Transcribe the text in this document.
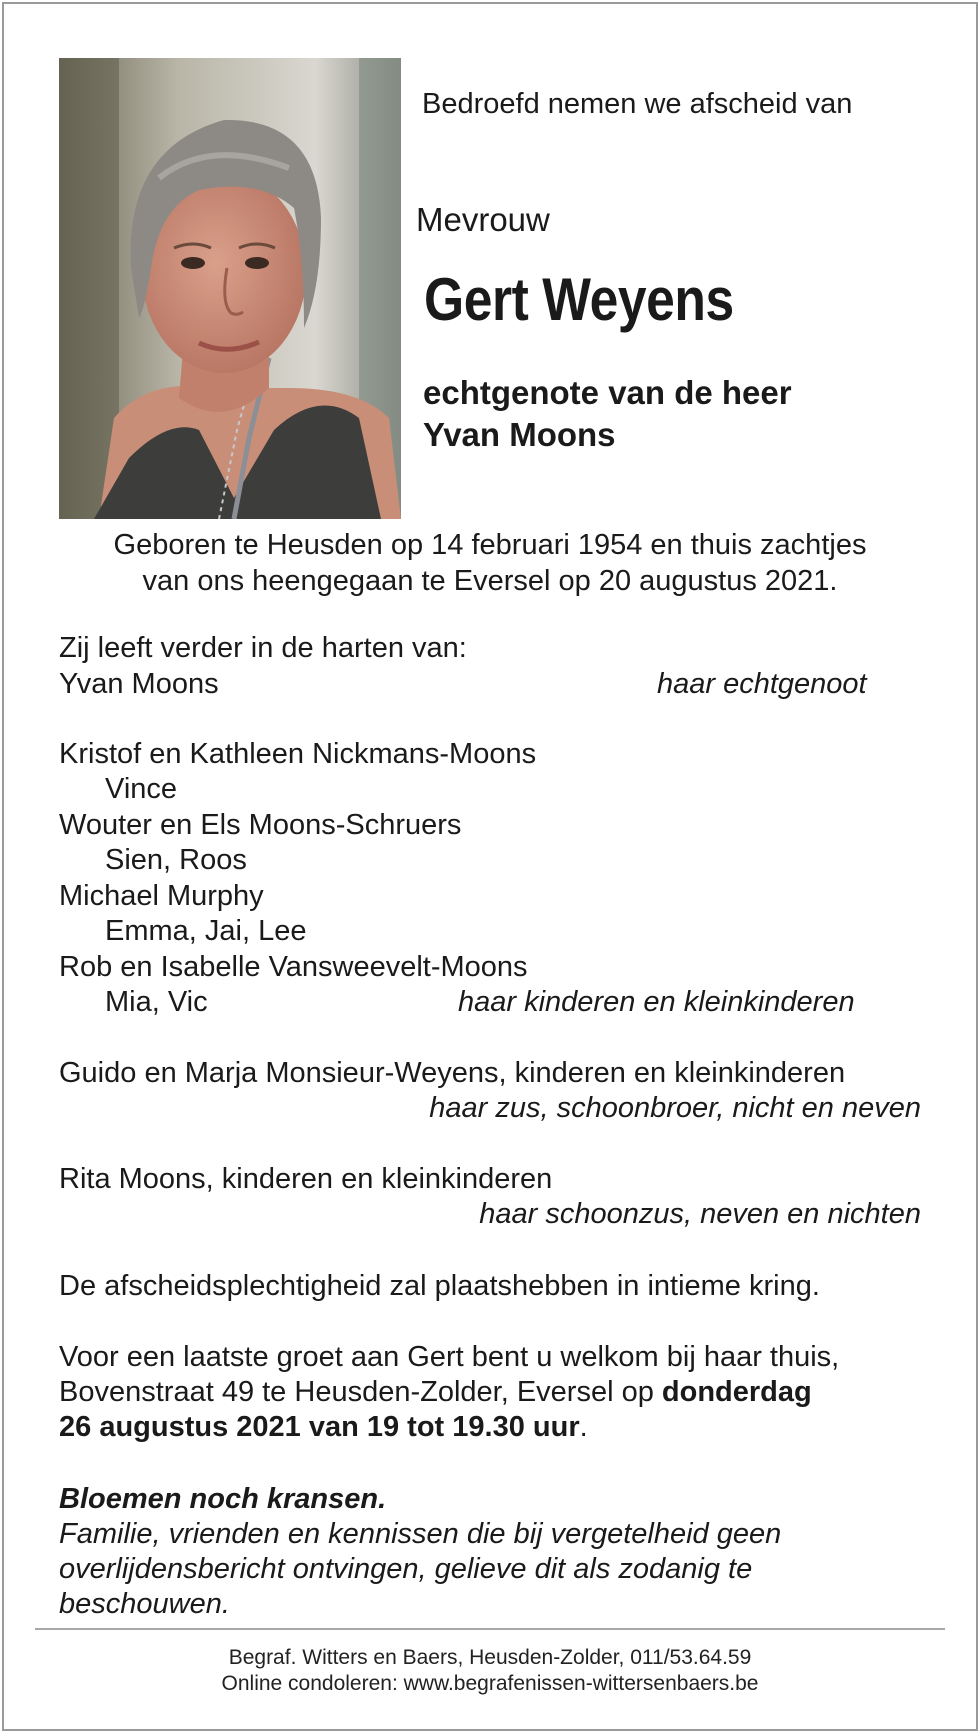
Bedroefd nemen we afscheid van
Mevrouw
Gert Weyens
echtgenote van de heer
Yvan Moons
Geboren te Heusden op 14 februari 1954 en thuis zachtjes
van ons heengegaan te Eversel op 20 augustus 2021.
Zij leeft verder in de harten van:
Yvan Moons	haar echtgenoot
Kristof en Kathleen Nickmans-Moons
Vince
Wouter en Els Moons-Schruers
Sien, Roos
Michael Murphy
Emma, Jai, Lee
Rob en Isabelle Vansweevelt-Moons
Mia, Vic	haar kinderen en kleinkinderen
Guido en Marja Monsieur-Weyens, kinderen en kleinkinderen
haar zus, schoonbroer, nicht en neven
Rita Moons, kinderen en kleinkinderen
haar schoonzus, neven en nichten
De afscheidsplechtigheid zal plaatshebben in intieme kring.
Voor een laatste groet aan Gert bent u welkom bij haar thuis,
Bovenstraat 49 te Heusden-Zolder, Eversel op donderdag
26 augustus 2021 van 19 tot 19.30 uur.
Bloemen noch kransen.
Familie, vrienden en kennissen die bij vergetelheid geen
overlijdensbericht ontvingen, gelieve dit als zodanig te
beschouwen.
Begraf. Witters en Baers, Heusden-Zolder, 011/53.64.59
Online condoleren: www.begrafenissen-wittersenbaers.be
